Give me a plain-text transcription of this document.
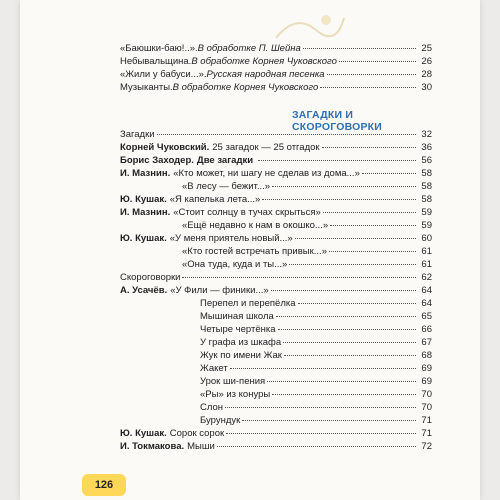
ЗАГАДКИ И СКОРОГОВОРКИ
«Баюшки-баю!..». В обработке П. Шейна	25
Небывальщина. В обработке Корнея Чуковского	26
«Жили у бабуси...». Русская народная песенка	28
Музыканты. В обработке Корнея Чуковского	30
Загадки	32
Корней Чуковский. 25 загадок — 25 отгадок	36
Борис Заходер. Две загадки	56
И. Мазнин. «Кто может, ни шагу не сделав из дома...»	58
«В лесу — бежит...»	58
Ю. Кушак. «Я капелька лета...»	58
И. Мазнин. «Стоит солнцу в тучах скрыться»	59
«Ещё недавно к нам в окошко...»	59
Ю. Кушак. «У меня приятель новый...»	60
«Кто гостей встречать привык...»	61
«Она туда, куда и ты...»	61
Скороговорки	62
А. Усачёв. «У Фили — финики...»	64
Перепел и перепёлка	64
Мышиная школа	65
Четыре чертёнка	66
У графа из шкафа	67
Жук по имени Жак	68
Жакет	69
Урок ши-пения	69
«Ры» из конуры	70
Слон	70
Бурундук	71
Ю. Кушак. Сорок сорок	71
И. Токмакова. Мыши	72
126
